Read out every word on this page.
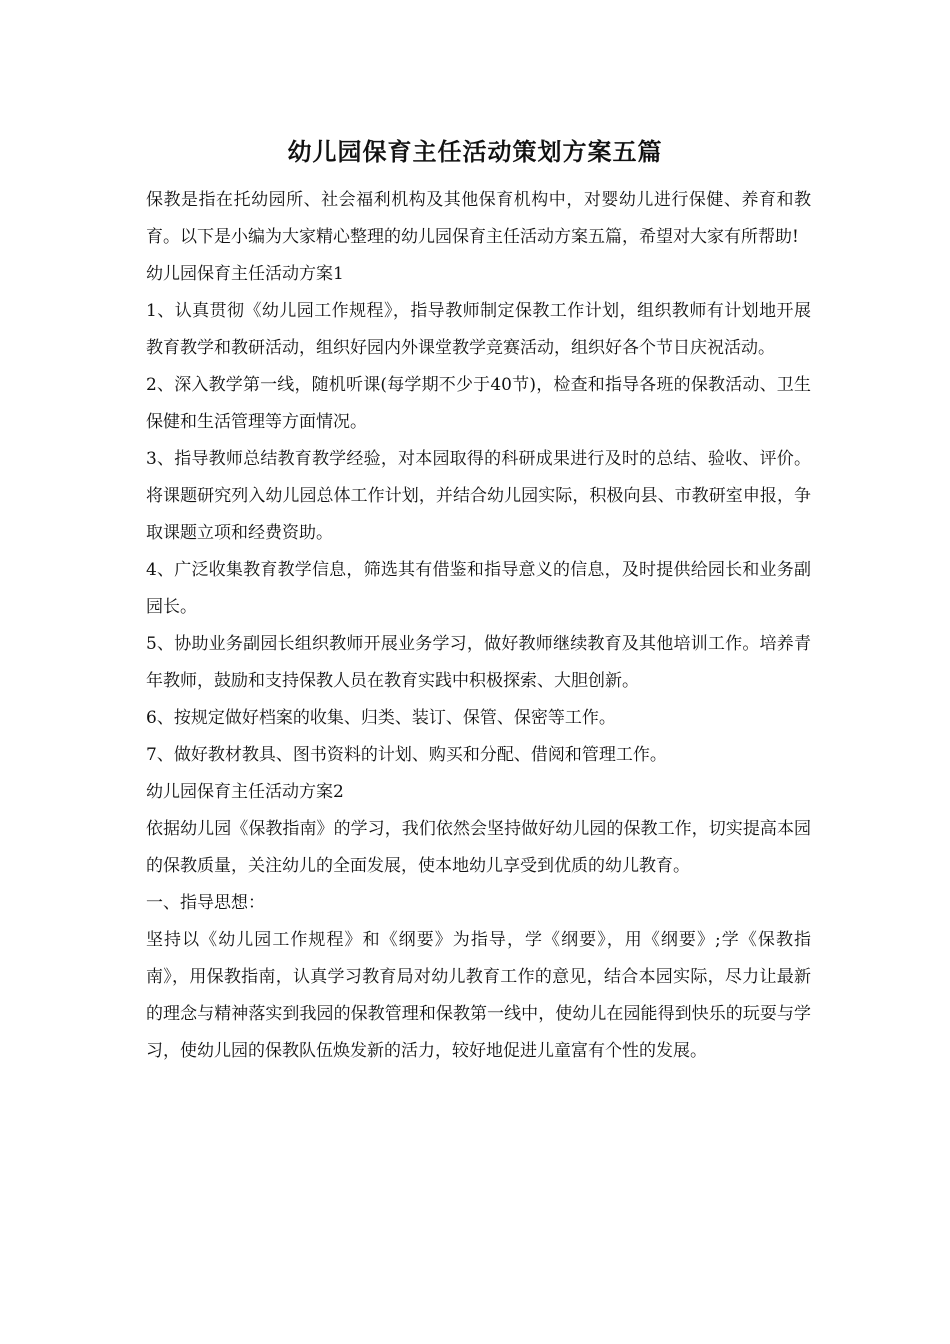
幼儿园保育主任活动策划方案五篇

保教是指在托幼园所、社会福利机构及其他保育机构中，对婴幼儿进行保健、养育和教育。以下是小编为大家精心整理的幼儿园保育主任活动方案五篇，希望对大家有所帮助!

幼儿园保育主任活动方案1

1、认真贯彻《幼儿园工作规程》，指导教师制定保教工作计划，组织教师有计划地开展教育教学和教研活动，组织好园内外课堂教学竞赛活动，组织好各个节日庆祝活动。

2、深入教学第一线，随机听课(每学期不少于40节)，检查和指导各班的保教活动、卫生保健和生活管理等方面情况。

3、指导教师总结教育教学经验，对本园取得的科研成果进行及时的总结、验收、评价。将课题研究列入幼儿园总体工作计划，并结合幼儿园实际，积极向县、市教研室申报，争取课题立项和经费资助。

4、广泛收集教育教学信息，筛选其有借鉴和指导意义的信息，及时提供给园长和业务副园长。

5、协助业务副园长组织教师开展业务学习，做好教师继续教育及其他培训工作。培养青年教师，鼓励和支持保教人员在教育实践中积极探索、大胆创新。

6、按规定做好档案的收集、归类、装订、保管、保密等工作。

7、做好教材教具、图书资料的计划、购买和分配、借阅和管理工作。

幼儿园保育主任活动方案2

依据幼儿园《保教指南》的学习，我们依然会坚持做好幼儿园的保教工作，切实提高本园的保教质量，关注幼儿的全面发展，使本地幼儿享受到优质的幼儿教育。

一、指导思想：

坚持以《幼儿园工作规程》和《纲要》为指导，学《纲要》，用《纲要》;学《保教指南》，用保教指南，认真学习教育局对幼儿教育工作的意见，结合本园实际，尽力让最新的理念与精神落实到我园的保教管理和保教第一线中，使幼儿在园能得到快乐的玩耍与学习，使幼儿园的保教队伍焕发新的活力，较好地促进儿童富有个性的发展。
